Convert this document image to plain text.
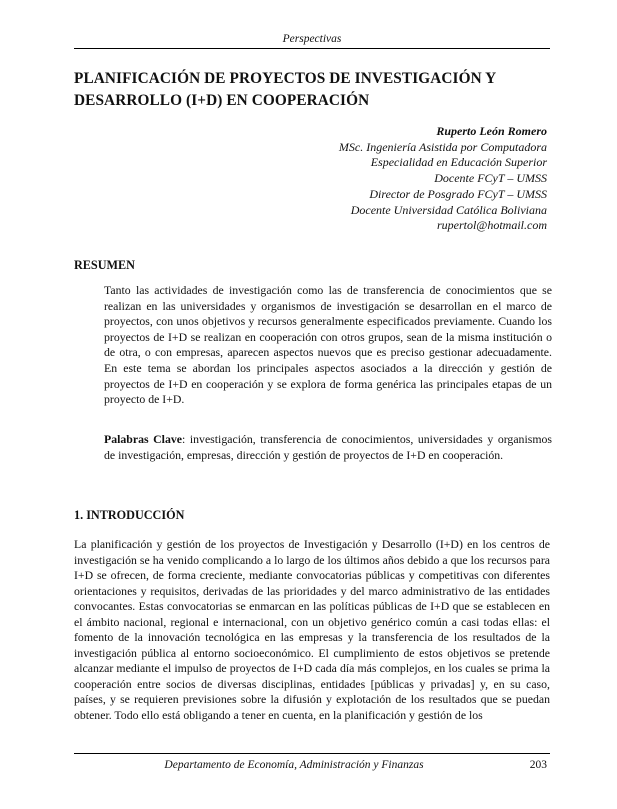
Perspectivas
PLANIFICACIÓN DE PROYECTOS DE INVESTIGACIÓN Y DESARROLLO (I+D) EN COOPERACIÓN
Ruperto León Romero
MSc. Ingeniería Asistida por Computadora
Especialidad en Educación Superior
Docente FCyT – UMSS
Director de Posgrado FCyT – UMSS
Docente Universidad Católica Boliviana
rupertol@hotmail.com
RESUMEN

Tanto las actividades de investigación como las de transferencia de conocimientos que se realizan en las universidades y organismos de investigación se desarrollan en el marco de proyectos, con unos objetivos y recursos generalmente especificados previamente. Cuando los proyectos de I+D se realizan en cooperación con otros grupos, sean de la misma institución o de otra, o con empresas, aparecen aspectos nuevos que es preciso gestionar adecuadamente. En este tema se abordan los principales aspectos asociados a la dirección y gestión de proyectos de I+D en cooperación y se explora de forma genérica las principales etapas de un proyecto de I+D.

Palabras Clave: investigación, transferencia de conocimientos, universidades y organismos de investigación, empresas, dirección y gestión de proyectos de I+D en cooperación.

1. INTRODUCCIÓN

La planificación y gestión de los proyectos de Investigación y Desarrollo (I+D) en los centros de investigación se ha venido complicando a lo largo de los últimos años debido a que los recursos para I+D se ofrecen, de forma creciente, mediante convocatorias públicas y competitivas con diferentes orientaciones y requisitos, derivadas de las prioridades y del marco administrativo de las entidades convocantes. Estas convocatorias se enmarcan en las políticas públicas de I+D que se establecen en el ámbito nacional, regional e internacional, con un objetivo genérico común a casi todas ellas: el fomento de la innovación tecnológica en las empresas y la transferencia de los resultados de la investigación pública al entorno socioeconómico. El cumplimiento de estos objetivos se pretende alcanzar mediante el impulso de proyectos de I+D cada día más complejos, en los cuales se prima la cooperación entre socios de diversas disciplinas, entidades [públicas y privadas] y, en su caso, países, y se requieren previsiones sobre la difusión y explotación de los resultados que se puedan obtener. Todo ello está obligando a tener en cuenta, en la planificación y gestión de los

Departamento de Economía, Administración y Finanzas	203
